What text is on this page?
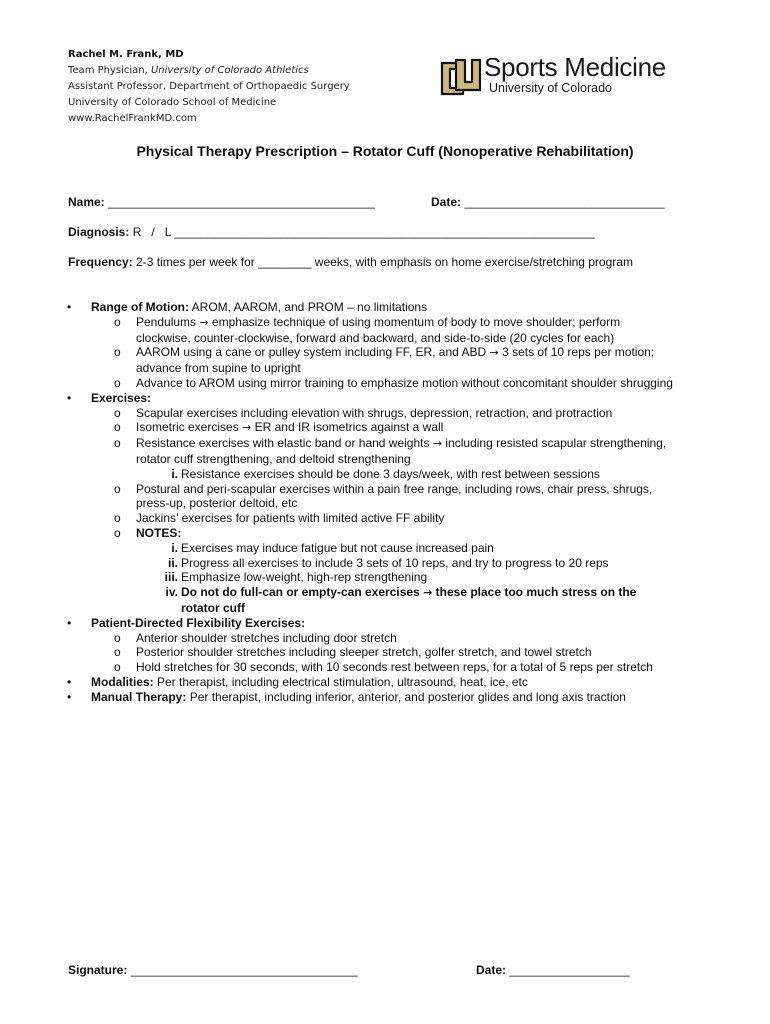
Rachel M. Frank, MD
Team Physician, University of Colorado Athletics
Assistant Professor, Department of Orthopaedic Surgery
University of Colorado School of Medicine
www.RachelFrankMD.com
Sports Medicine
University of Colorado
Physical Therapy Prescription – Rotator Cuff (Nonoperative Rehabilitation)
Name: ________________________________________	Date: ______________________________
Diagnosis: R   /   L _______________________________________________________________
Frequency: 2-3 times per week for ________ weeks, with emphasis on home exercise/stretching program
• Range of Motion: AROM, AAROM, and PROM – no limitations
o Pendulums → emphasize technique of using momentum of body to move shoulder; perform
clockwise, counter-clockwise, forward and backward, and side-to-side (20 cycles for each)
o AAROM using a cane or pulley system including FF, ER, and ABD → 3 sets of 10 reps per motion;
advance from supine to upright
o Advance to AROM using mirror training to emphasize motion without concomitant shoulder shrugging
• Exercises:
o Scapular exercises including elevation with shrugs, depression, retraction, and protraction
o Isometric exercises → ER and IR isometrics against a wall
o Resistance exercises with elastic band or hand weights → including resisted scapular strengthening,
rotator cuff strengthening, and deltoid strengthening
i. Resistance exercises should be done 3 days/week, with rest between sessions
o Postural and peri-scapular exercises within a pain free range, including rows, chair press, shrugs,
press-up, posterior deltoid, etc
o Jackins’ exercises for patients with limited active FF ability
o NOTES:
i. Exercises may induce fatigue but not cause increased pain
ii. Progress all exercises to include 3 sets of 10 reps, and try to progress to 20 reps
iii. Emphasize low-weight, high-rep strengthening
iv. Do not do full-can or empty-can exercises → these place too much stress on the
rotator cuff
• Patient-Directed Flexibility Exercises:
o Anterior shoulder stretches including door stretch
o Posterior shoulder stretches including sleeper stretch, golfer stretch, and towel stretch
o Hold stretches for 30 seconds, with 10 seconds rest between reps, for a total of 5 reps per stretch
• Modalities: Per therapist, including electrical stimulation, ultrasound, heat, ice, etc
• Manual Therapy: Per therapist, including inferior, anterior, and posterior glides and long axis traction
Signature: __________________________________	Date: __________________
